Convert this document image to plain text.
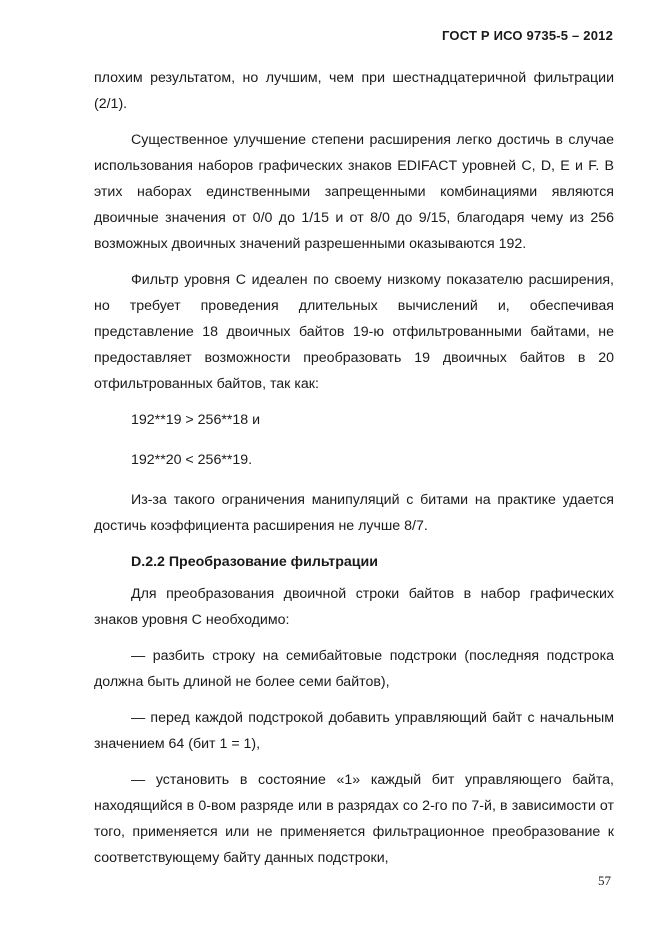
ГОСТ Р ИСО 9735-5 – 2012

плохим результатом, но лучшим, чем при шестнадцатеричной фильтрации (2/1).

Существенное улучшение степени расширения легко достичь в случае использования наборов графических знаков EDIFACT уровней С, D, E и F. В этих наборах единственными запрещенными комбинациями являются двоичные значения от 0/0 до 1/15 и от 8/0 до 9/15, благодаря чему из 256 возможных двоичных значений разрешенными оказываются 192.

Фильтр уровня С идеален по своему низкому показателю расширения, но требует проведения длительных вычислений и, обеспечивая представление 18 двоичных байтов 19-ю отфильтрованными байтами, не предоставляет возможности преобразовать 19 двоичных байтов в 20 отфильтрованных байтов, так как:

192**19 > 256**18 и

192**20 < 256**19.

Из-за такого ограничения манипуляций с битами на практике удается достичь коэффициента расширения не лучше 8/7.

D.2.2 Преобразование фильтрации

Для преобразования двоичной строки байтов в набор графических знаков уровня С необходимо:

— разбить строку на семибайтовые подстроки (последняя подстрока должна быть длиной не более семи байтов),

— перед каждой подстрокой добавить управляющий байт с начальным значением 64 (бит 1 = 1),

— установить в состояние «1» каждый бит управляющего байта, находящийся в 0-вом разряде или в разрядах со 2-го по 7-й, в зависимости от того, применяется или не применяется фильтрационное преобразование к соответствующему байту данных подстроки,

57
